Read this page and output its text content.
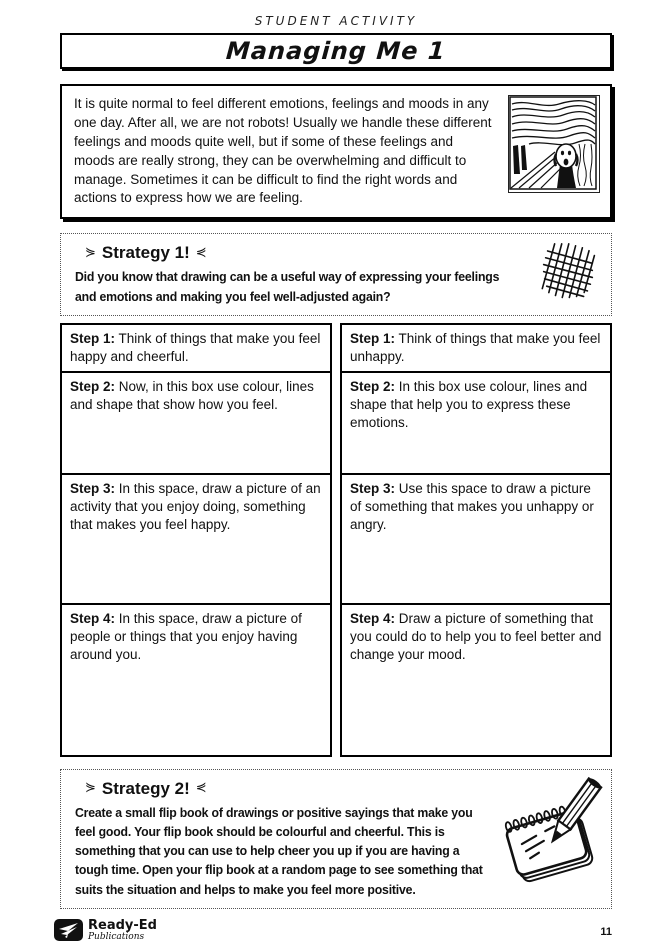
STUDENT ACTIVITY
Managing Me 1
It is quite normal to feel different emotions, feelings and moods in any one day. After all, we are not robots! Usually we handle these different feelings and moods quite well, but if some of these feelings and moods are really strong, they can be overwhelming and difficult to manage. Sometimes it can be difficult to find the right words and actions to express how we are feeling.
⋟ Strategy 1! ⋞
Did you know that drawing can be a useful way of expressing your feelings and emotions and making you feel well-adjusted again?
Step 1: Think of things that make you feel happy and cheerful.
Step 2: Now, in this box use colour, lines and shape that show how you feel.
Step 3: In this space, draw a picture of an activity that you enjoy doing, something that makes you feel happy.
Step 4: In this space, draw a picture of people or things that you enjoy having around you.
Step 1: Think of things that make you feel unhappy.
Step 2: In this box use colour, lines and shape that help you to express these emotions.
Step 3: Use this space to draw a picture of something that makes you unhappy or angry.
Step 4: Draw a picture of something that you could do to help you to feel better and change your mood.
⋟ Strategy 2! ⋞
Create a small flip book of drawings or positive sayings that make you feel good. Your flip book should be colourful and cheerful. This is something that you can use to help cheer you up if you are having a tough time. Open your flip book at a random page to see something that suits the situation and helps to make you feel more positive.
Ready-Ed
Publications	11
